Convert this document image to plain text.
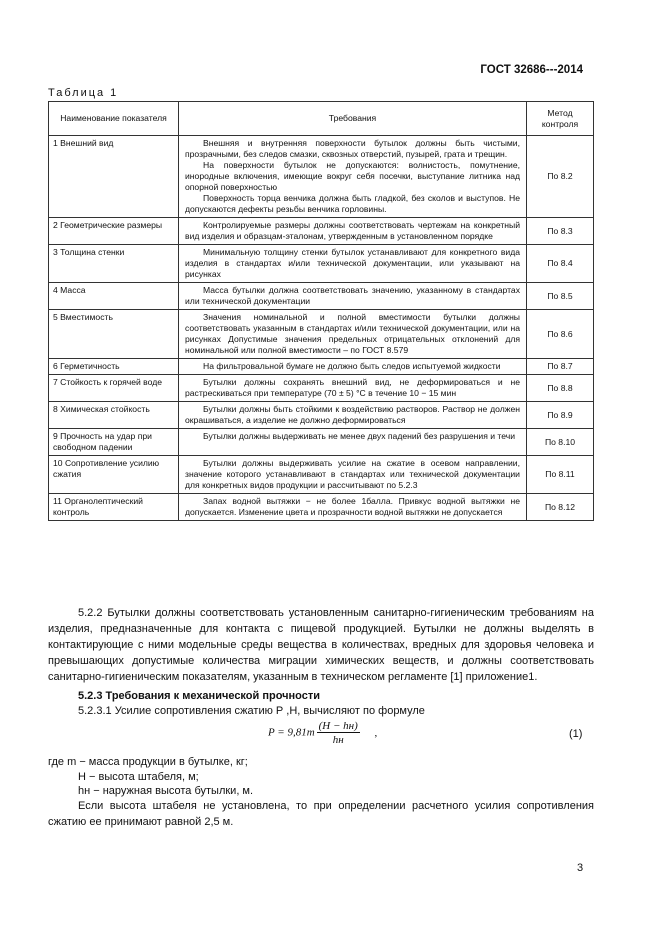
ГОСТ 32686---2014
Таблица 1
Наименование показателя	Требования	Метод контроля
1 Внешний вид	Внешняя и внутренняя поверхности бутылок должны быть чистыми, прозрачными, без следов смазки, сквозных отверстий, пузырей, грата и трещин.

На поверхности бутылок не допускаются: волнистость, помутнение, инородные включения, имеющие вокруг себя посечки, выступание литника над опорной поверхностью

Поверхность торца венчика должна быть гладкой, без сколов и выступов. Не допускаются дефекты резьбы венчика горловины.	По 8.2
2 Геометрические размеры	Контролируемые размеры должны соответствовать чертежам на конкретный вид изделия и образцам-эталонам, утвержденным в установленном порядке	По 8.3
3 Толщина стенки	Минимальную толщину стенки бутылок устанавливают для конкретного вида изделия в стандартах и/или технической документации, или указывают на рисунках	По 8.4
4 Масса	Масса бутылки должна соответствовать значению, указанному в стандартах или технической документации	По 8.5
5 Вместимость	Значения номинальной и полной вместимости бутылки должны соответствовать указанным в стандартах и/или технической документации, или на рисунках Допустимые значения предельных отрицательных отклонений для номинальной или полной вместимости – по ГОСТ 8.579	По 8.6
6 Герметичность	На фильтровальной бумаге не должно быть следов испытуемой жидкости	По 8.7
7 Стойкость к горячей воде	Бутылки должны сохранять внешний вид, не деформироваться и не растрескиваться при температуре (70 ± 5) °С в течение 10 − 15 мин	По 8.8
8 Химическая стойкость	Бутылки должны быть стойкими к воздействию растворов. Раствор не должен окрашиваться, а изделие не должно деформироваться	По 8.9
9 Прочность на удар при свободном падении	Бутылки должны выдерживать не менее двух падений без разрушения и течи	По 8.10
10 Сопротивление усилию сжатия	Бутылки должны выдерживать усилие на сжатие в осевом направлении, значение которого устанавливают в стандартах или технической документации для конкретных видов продукции и рассчитывают по 5.2.3	По 8.11
11 Органолептический контроль	Запах водной вытяжки − не более 1балла. Привкус водной вытяжки не допускается. Изменение цвета и прозрачности водной вытяжки не допускается	По 8.12
5.2.2 Бутылки должны соответствовать установленным санитарно-гигиеническим требованиям на изделия, предназначенные для контакта с пищевой продукцией. Бутылки не должны выделять в контактирующие с ними модельные среды вещества в количествах, вредных для здоровья человека и превышающих допустимые количества миграции химических веществ, и должны соответствовать санитарно-гигиеническим показателям, указанным в техническом регламенте [1] приложение1.
5.2.3 Требования к механической прочности
5.2.3.1 Усилие сопротивления сжатию Р ,Н, вычисляют по формуле
$P = 9,81m \frac{(H - hн)}{hн}$ ,	(1)
где m − масса продукции в бутылке, кг;
H − высота штабеля, м;
hн − наружная высота бутылки, м.
Если высота штабеля не установлена, то при определении расчетного усилия сопротивления сжатию ее принимают равной 2,5 м.
3
